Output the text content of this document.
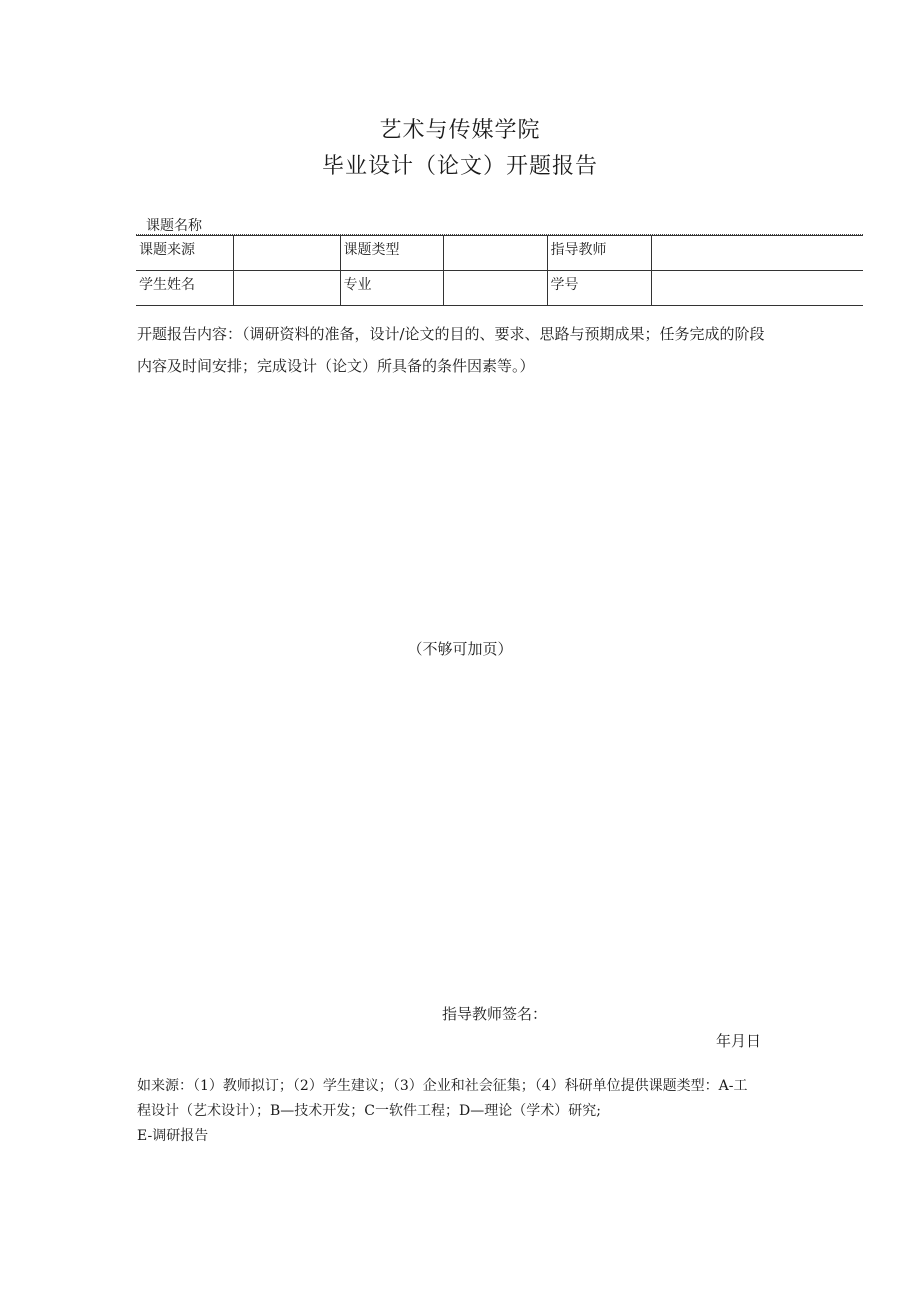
艺术与传媒学院
毕业设计（论文）开题报告
课题名称
课题来源		课题类型		指导教师	
学生姓名		专业		学号	
开题报告内容：（调研资料的准备，设计/论文的目的、要求、思路与预期成果；任务完成的阶段
内容及时间安排；完成设计（论文）所具备的条件因素等。）
（不够可加页）
指导教师签名：
年月日
如来源：（1）教师拟订；（2）学生建议；（3）企业和社会征集；（4）科研单位提供课题类型：A-工
程设计（艺术设计）；B—技术开发；C一软件工程；D—理论（学术）研究;
E-调研报告
